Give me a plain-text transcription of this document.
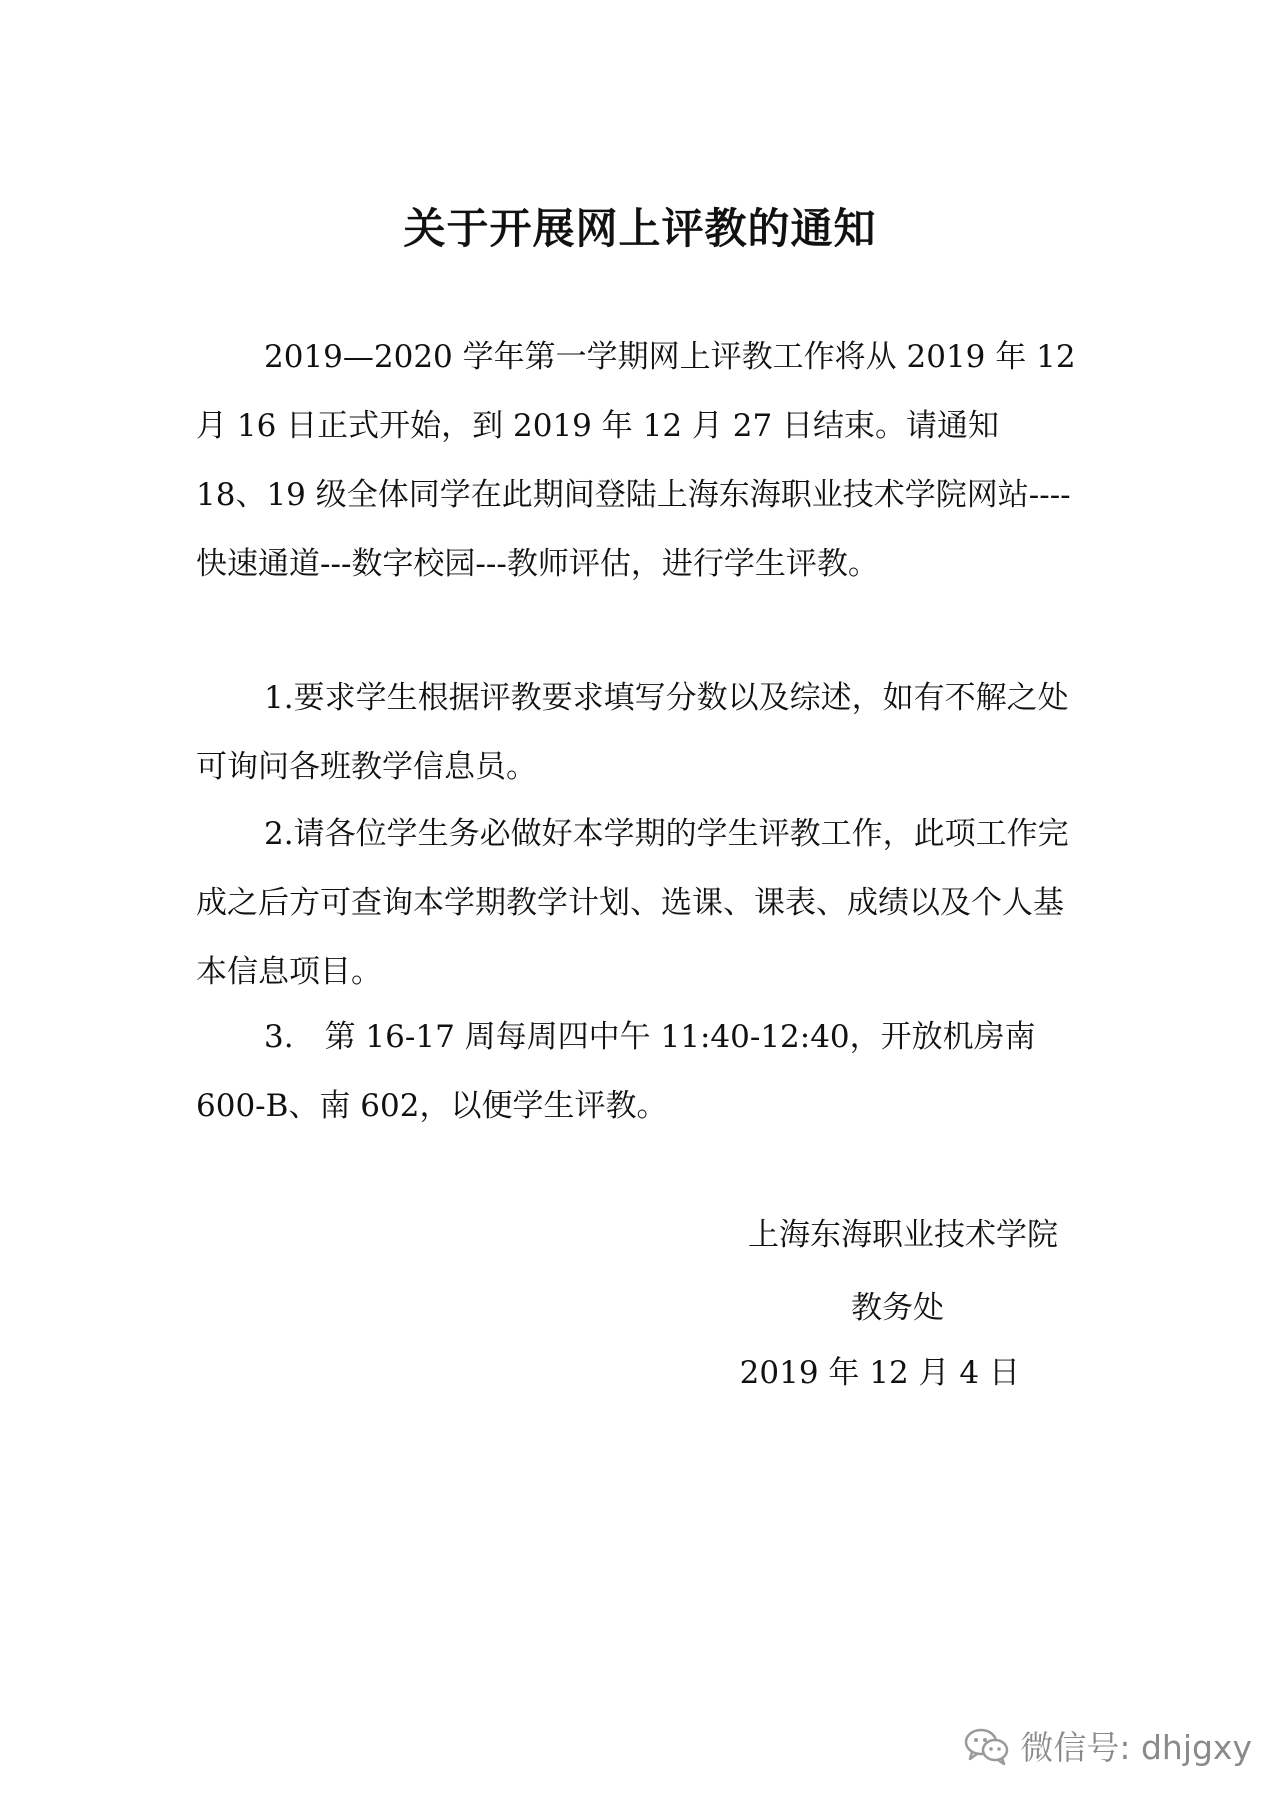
关于开展网上评教的通知

2019—2020 学年第一学期网上评教工作将从 2019 年 12 月 16 日正式开始，到 2019 年 12 月 27 日结束。请通知 18、19 级全体同学在此期间登陆上海东海职业技术学院网站----快速通道---数字校园---教师评估，进行学生评教。

1.要求学生根据评教要求填写分数以及综述，如有不解之处可询问各班教学信息员。

2.请各位学生务必做好本学期的学生评教工作，此项工作完成之后方可查询本学期教学计划、选课、课表、成绩以及个人基本信息项目。

3.　第 16-17 周每周四中午 11:40-12:40，开放机房南 600-B、南 602，以便学生评教。

上海东海职业技术学院

教务处

2019 年 12 月 4 日

微信号: dhjgxy
